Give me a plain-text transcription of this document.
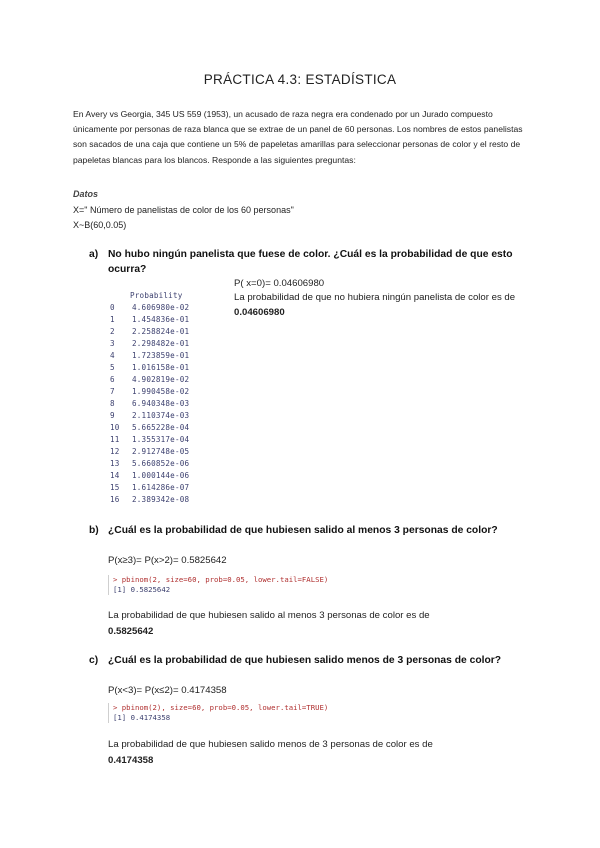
PRÁCTICA 4.3: ESTADÍSTICA
En Avery vs Georgia, 345 US 559 (1953), un acusado de raza negra era condenado por un Jurado compuesto únicamente por personas de raza blanca que se extrae de un panel de 60 personas. Los nombres de estos panelistas son sacados de una caja que contiene un 5% de papeletas amarillas para seleccionar personas de color y el resto de papeletas blancas para los blancos. Responde a las siguientes preguntas:
Datos
X=" Número de panelistas de color de los 60 personas"
X~B(60,0.05)
a) No hubo ningún panelista que fuese de color. ¿Cuál es la probabilidad de que esto ocurra?
P( x=0)= 0.04606980
La probabilidad de que no hubiera ningún panelista de color es de 0.04606980
Probability
0 4.606980e-02
1 1.454836e-01
2 2.258824e-01
3 2.298482e-01
4 1.723859e-01
5 1.016158e-01
6 4.902819e-02
7 1.990458e-02
8 6.940348e-03
9 2.110374e-03
10 5.665228e-04
11 1.355317e-04
12 2.912748e-05
13 5.660852e-06
14 1.000144e-06
15 1.614286e-07
16 2.389342e-08
b) ¿Cuál es la probabilidad de que hubiesen salido al menos 3 personas de color?
P(x≥3)= P(x>2)= 0.5825642
> pbinom(2, size=60, prob=0.05, lower.tail=FALSE)
[1] 0.5825642
La probabilidad de que hubiesen salido al menos 3 personas de color es de
0.5825642
c) ¿Cuál es la probabilidad de que hubiesen salido menos de 3 personas de color?
P(x<3)= P(x≤2)= 0.4174358
> pbinom(2), size=60, prob=0.05, lower.tail=TRUE)
[1] 0.4174358
La probabilidad de que hubiesen salido menos de 3 personas de color es de
0.4174358
